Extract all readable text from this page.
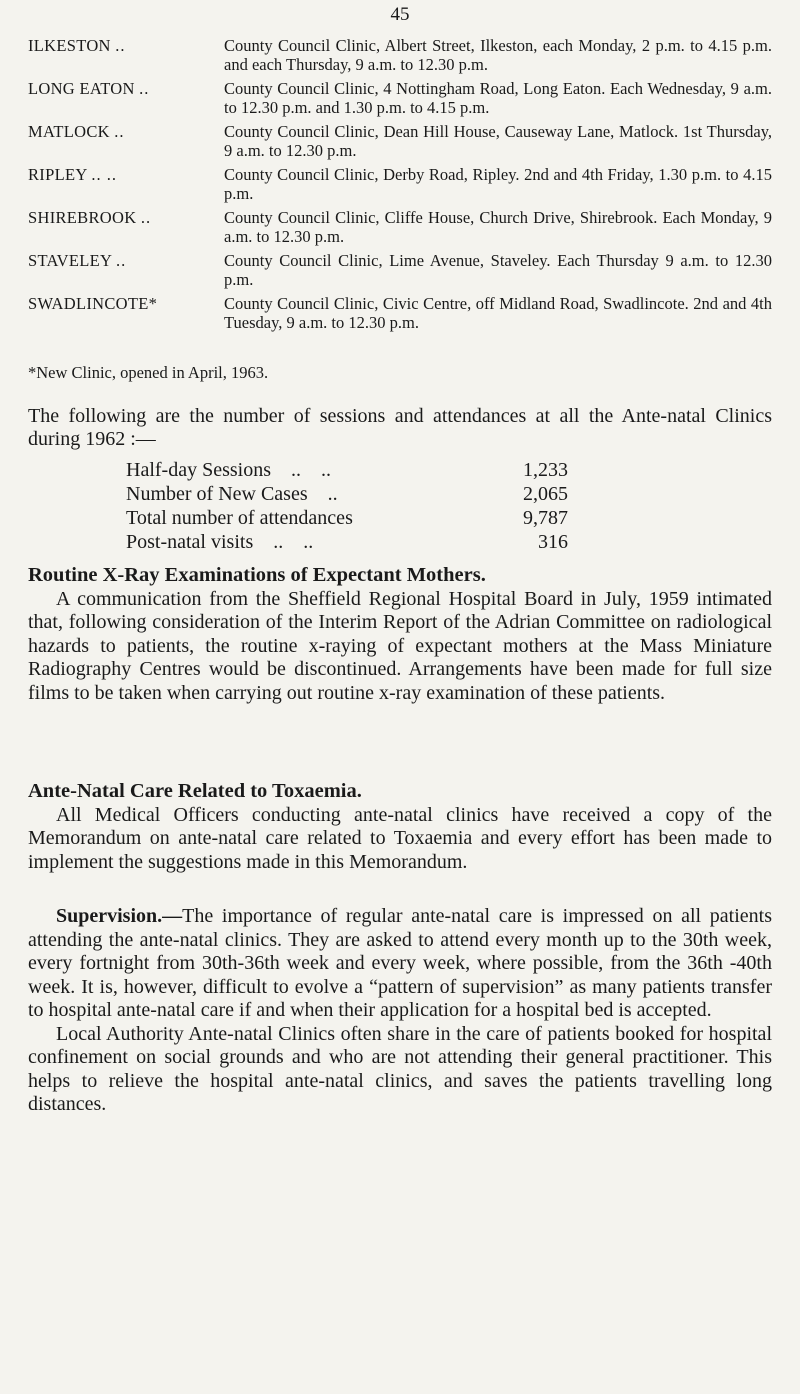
45
ILKESTON ..	County Council Clinic, Albert Street, Ilkeston, each Monday, 2 p.m. to 4.15 p.m. and each Thursday, 9 a.m. to 12.30 p.m.
LONG EATON ..	County Council Clinic, 4 Nottingham Road, Long Eaton. Each Wednesday, 9 a.m. to 12.30 p.m. and 1.30 p.m. to 4.15 p.m.
MATLOCK ..	County Council Clinic, Dean Hill House, Causeway Lane, Matlock. 1st Thursday, 9 a.m. to 12.30 p.m.
RIPLEY .. ..	County Council Clinic, Derby Road, Ripley. 2nd and 4th Friday, 1.30 p.m. to 4.15 p.m.
SHIREBROOK ..	County Council Clinic, Cliffe House, Church Drive, Shirebrook. Each Monday, 9 a.m. to 12.30 p.m.
STAVELEY ..	County Council Clinic, Lime Avenue, Staveley. Each Thursday 9 a.m. to 12.30 p.m.
SWADLINCOTE*	County Council Clinic, Civic Centre, off Midland Road, Swadlincote. 2nd and 4th Tuesday, 9 a.m. to 12.30 p.m.
*New Clinic, opened in April, 1963.
The following are the number of sessions and attendances at all the Ante-natal Clinics during 1962 :—
Half-day Sessions    ..    ..	1,233
Number of New Cases    ..	2,065
Total number of attendances	9,787
Post-natal visits    ..    ..	316
Routine X-Ray Examinations of Expectant Mothers.

A communication from the Sheffield Regional Hospital Board in July, 1959 intimated that, following consideration of the Interim Report of the Adrian Committee on radiological hazards to patients, the routine x-raying of expectant mothers at the Mass Miniature Radiography Centres would be discontinued. Arrangements have been made for full size films to be taken when carrying out routine x-ray examination of these patients.

Ante-Natal Care Related to Toxaemia.

All Medical Officers conducting ante-natal clinics have received a copy of the Memorandum on ante-natal care related to Toxaemia and every effort has been made to implement the suggestions made in this Memorandum.

Supervision.—The importance of regular ante-natal care is impressed on all patients attending the ante-natal clinics. They are asked to attend every month up to the 30th week, every fortnight from 30th-36th week and every week, where possible, from the 36th -40th week. It is, however, difficult to evolve a “pattern of supervision” as many patients transfer to hospital ante-natal care if and when their application for a hospital bed is accepted.

Local Authority Ante-natal Clinics often share in the care of patients booked for hospital confinement on social grounds and who are not attending their general practitioner. This helps to relieve the hospital ante-natal clinics, and saves the patients travelling long distances.
